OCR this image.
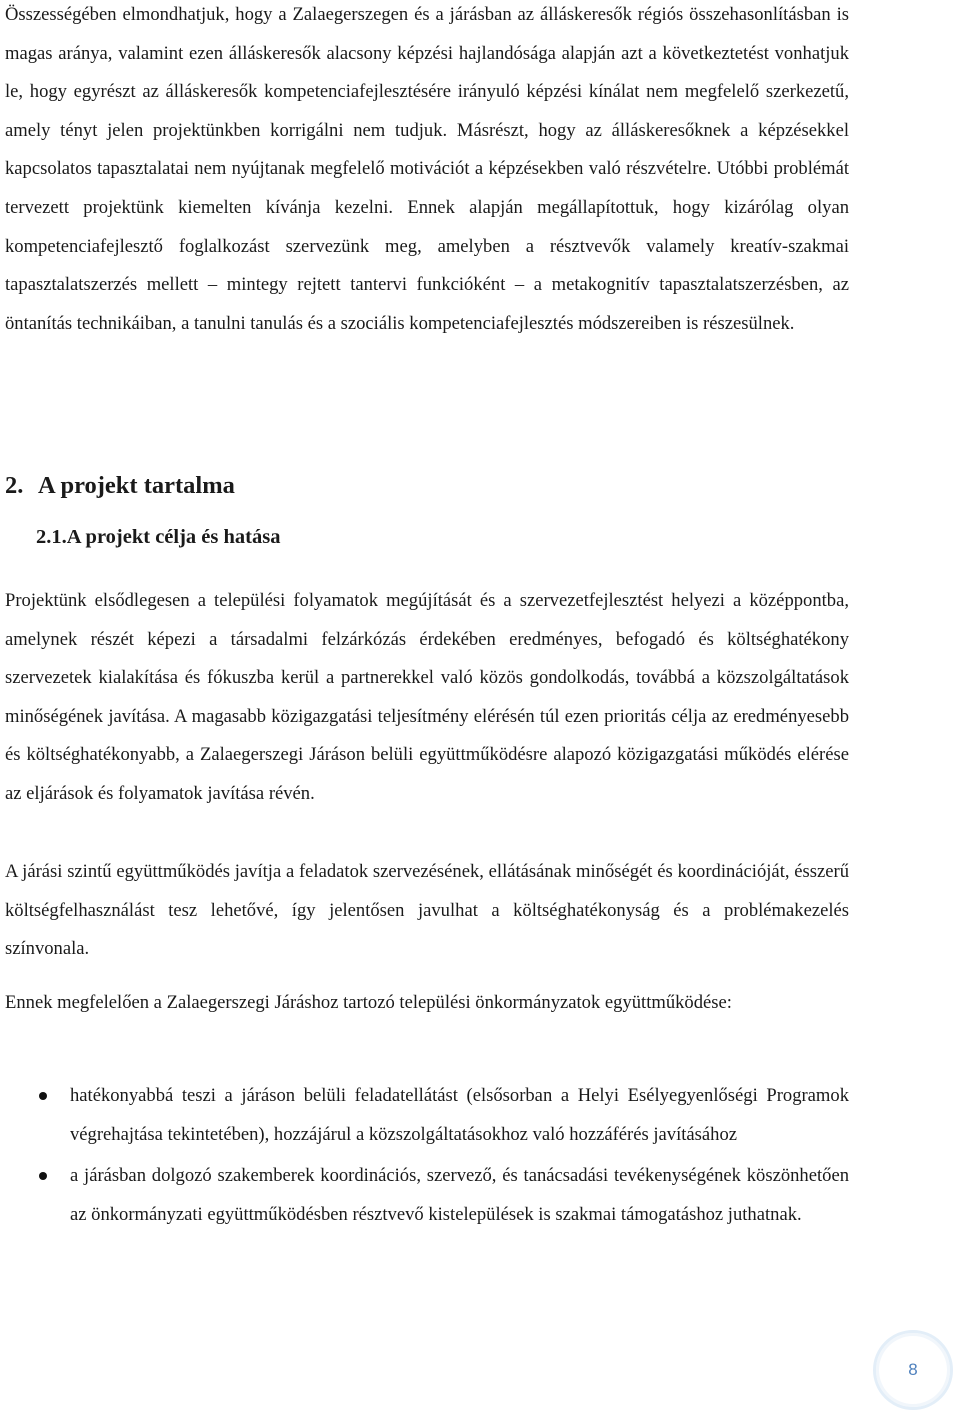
Összességében elmondhatjuk, hogy a Zalaegerszegen és a járásban az álláskeresők régiós összehasonlításban is magas aránya, valamint ezen álláskeresők alacsony képzési hajlandósága alapján azt a következtetést vonhatjuk le, hogy egyrészt az álláskeresők kompetenciafejlesztésére irányuló képzési kínálat nem megfelelő szerkezetű, amely tényt jelen projektünkben korrigálni nem tudjuk. Másrészt, hogy az álláskeresőknek a képzésekkel kapcsolatos tapasztalatai nem nyújtanak megfelelő motivációt a képzésekben való részvételre. Utóbbi problémát tervezett projektünk kiemelten kívánja kezelni. Ennek alapján megállapítottuk, hogy kizárólag olyan kompetenciafejlesztő foglalkozást szervezünk meg, amelyben a résztvevők valamely kreatív-szakmai tapasztalatszerzés mellett – mintegy rejtett tantervi funkcióként – a metakognitív tapasztalatszerzésben, az öntanítás technikáiban, a tanulni tanulás és a szociális kompetenciafejlesztés módszereiben is részesülnek.

2. A projekt tartalma
2.1.A projekt célja és hatása

Projektünk elsődlegesen a települési folyamatok megújítását és a szervezetfejlesztést helyezi a középpontba, amelynek részét képezi a társadalmi felzárkózás érdekében eredményes, befogadó és költséghatékony szervezetek kialakítása és fókuszba kerül a partnerekkel való közös gondolkodás, továbbá a közszolgáltatások minőségének javítása. A magasabb közigazgatási teljesítmény elérésén túl ezen prioritás célja az eredményesebb és költséghatékonyabb, a Zalaegerszegi Járáson belüli együttműködésre alapozó közigazgatási működés elérése az eljárások és folyamatok javítása révén.

A járási szintű együttműködés javítja a feladatok szervezésének, ellátásának minőségét és koordinációját, ésszerű költségfelhasználást tesz lehetővé, így jelentősen javulhat a költséghatékonyság és a problémakezelés színvonala.

Ennek megfelelően a Zalaegerszegi Járáshoz tartozó települési önkormányzatok együttműködése:

hatékonyabbá teszi a járáson belüli feladatellátást (elsősorban a Helyi Esélyegyenlőségi Programok végrehajtása tekintetében), hozzájárul a közszolgáltatásokhoz való hozzáférés javításához
a járásban dolgozó szakemberek koordinációs, szervező, és tanácsadási tevékenységének köszönhetően az önkormányzati együttműködésben résztvevő kistelepülések is szakmai támogatáshoz juthatnak.
8
